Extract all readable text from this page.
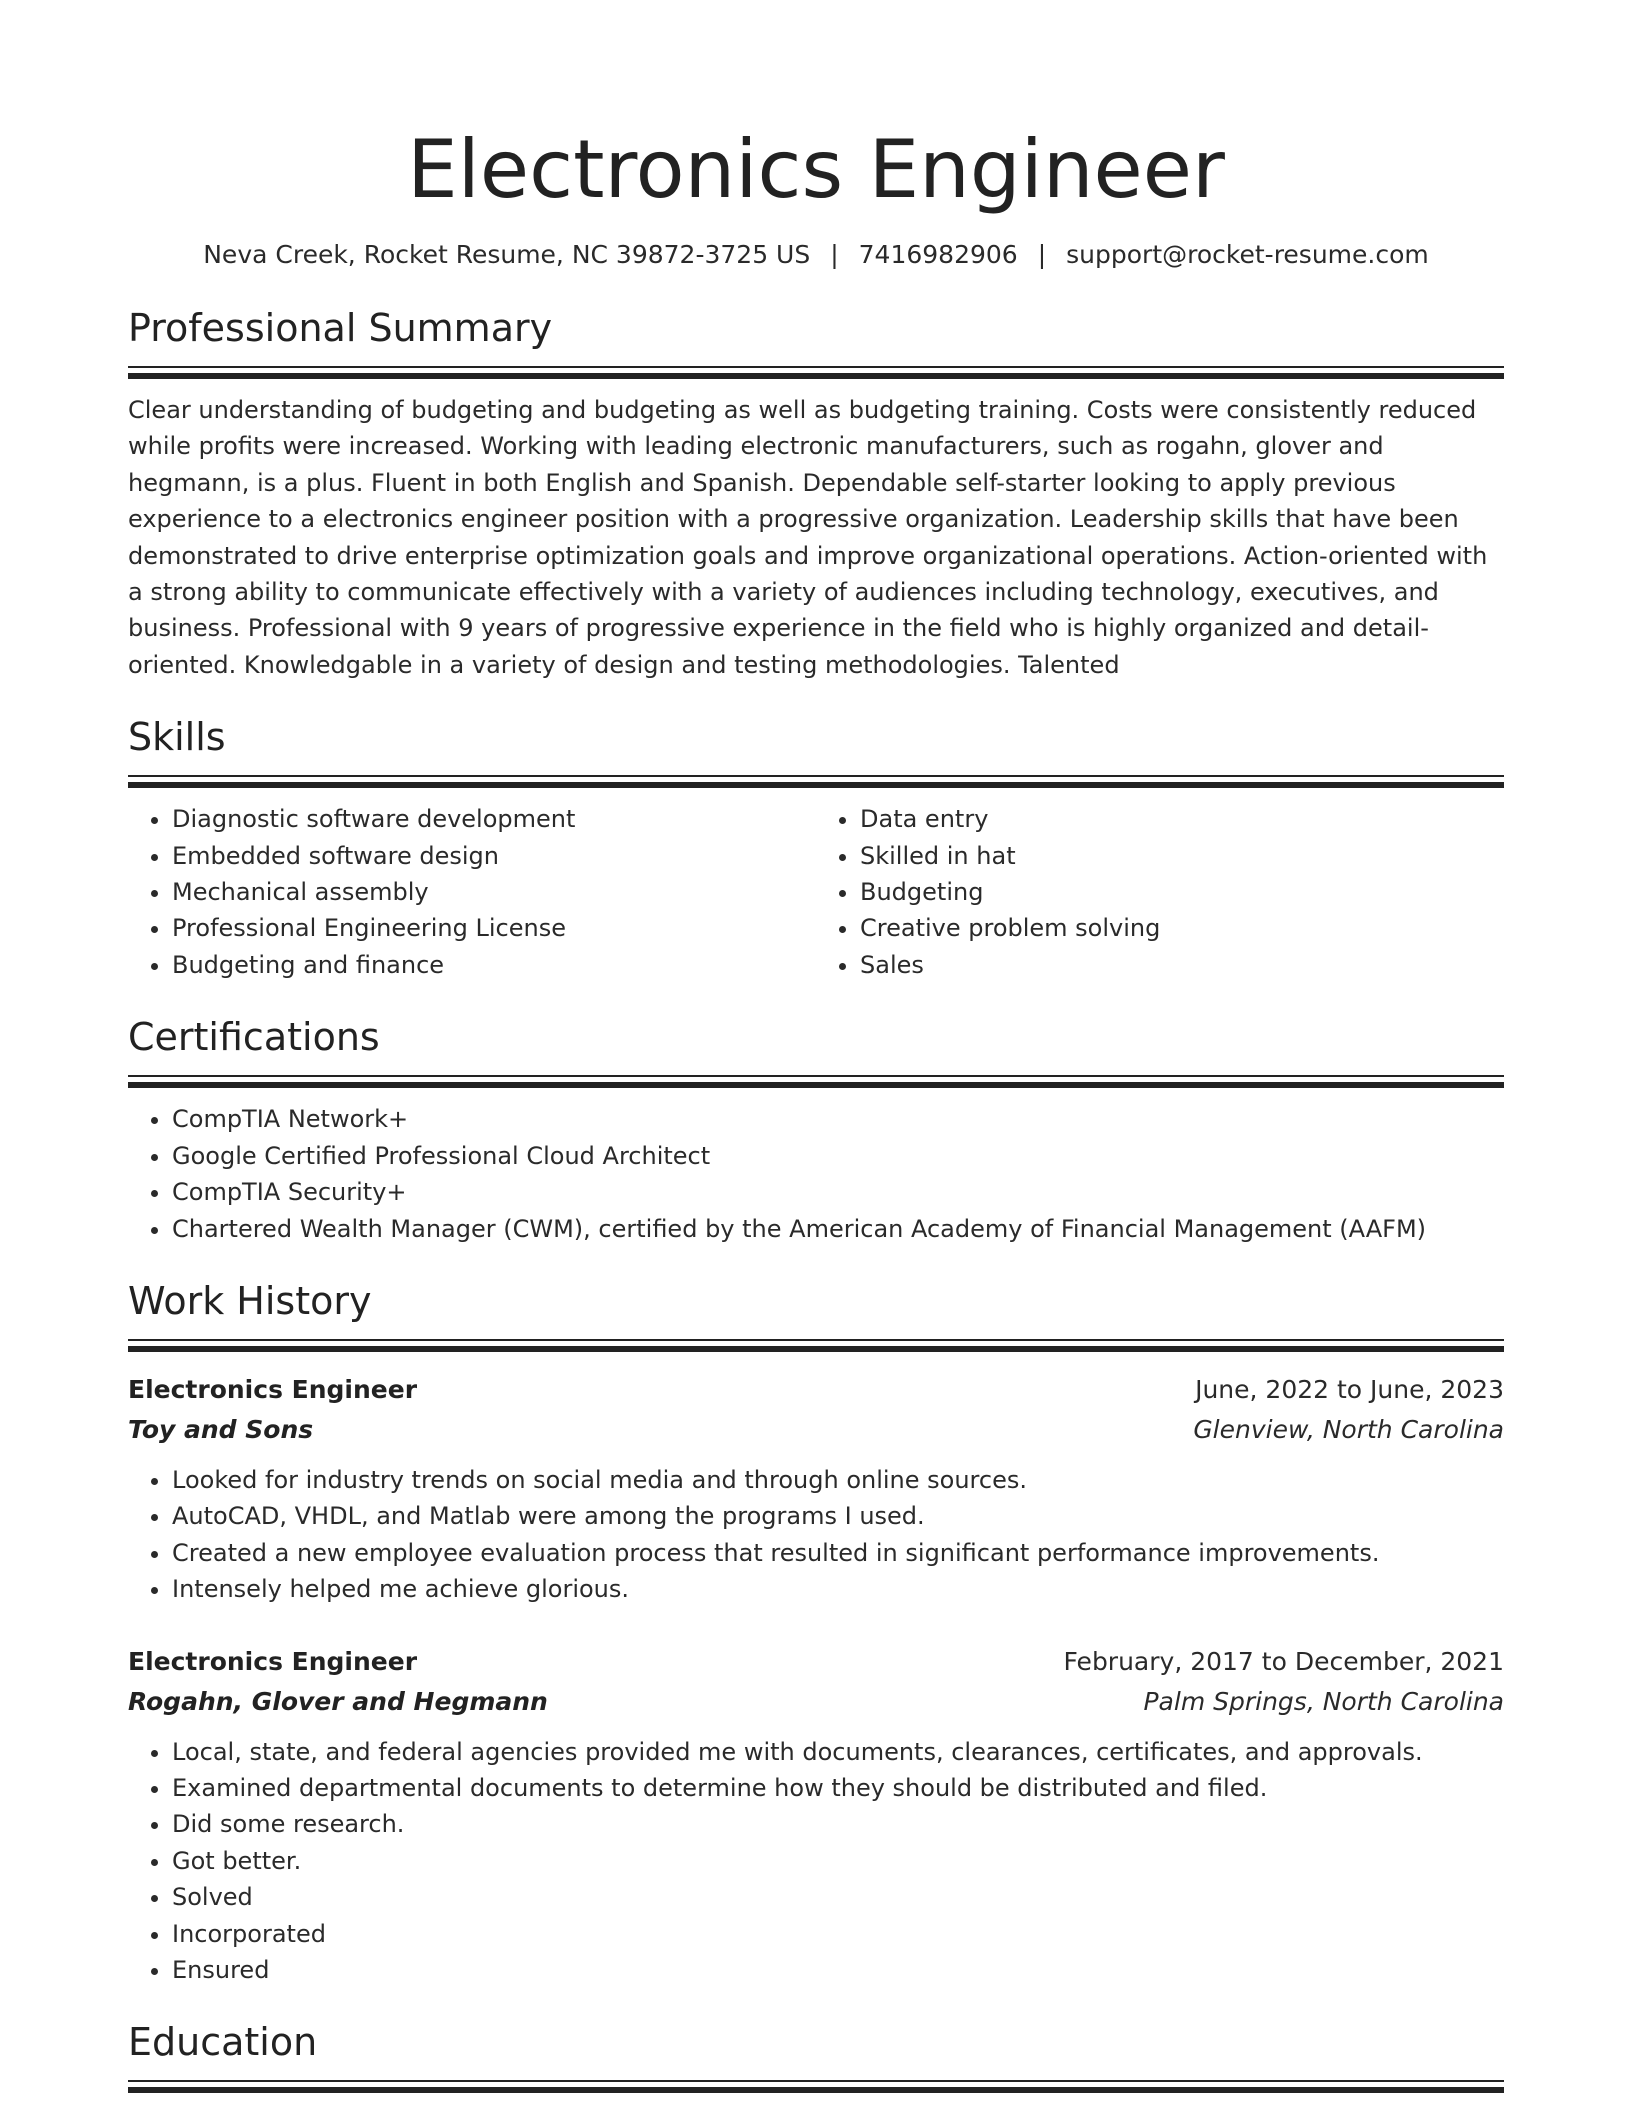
Electronics Engineer
Neva Creek, Rocket Resume, NC 39872-3725 US | 7416982906 | support@rocket-resume.com
Professional Summary
Clear understanding of budgeting and budgeting as well as budgeting training. Costs were consistently reduced while profits were increased. Working with leading electronic manufacturers, such as rogahn, glover and hegmann, is a plus. Fluent in both English and Spanish. Dependable self-starter looking to apply previous experience to a electronics engineer position with a progressive organization. Leadership skills that have been demonstrated to drive enterprise optimization goals and improve organizational operations. Action-oriented with a strong ability to communicate effectively with a variety of audiences including technology, executives, and business. Professional with 9 years of progressive experience in the field who is highly organized and detail-oriented. Knowledgable in a variety of design and testing methodologies. Talented
Skills
• Diagnostic software development
• Embedded software design
• Mechanical assembly
• Professional Engineering License
• Budgeting and finance
• Data entry
• Skilled in hat
• Budgeting
• Creative problem solving
• Sales
Certifications
• CompTIA Network+
• Google Certified Professional Cloud Architect
• CompTIA Security+
• Chartered Wealth Manager (CWM), certified by the American Academy of Financial Management (AAFM)
Work History
Electronics Engineer	June, 2022 to June, 2023
Toy and Sons	Glenview, North Carolina
• Looked for industry trends on social media and through online sources.
• AutoCAD, VHDL, and Matlab were among the programs I used.
• Created a new employee evaluation process that resulted in significant performance improvements.
• Intensely helped me achieve glorious.
Electronics Engineer	February, 2017 to December, 2021
Rogahn, Glover and Hegmann	Palm Springs, North Carolina
• Local, state, and federal agencies provided me with documents, clearances, certificates, and approvals.
• Examined departmental documents to determine how they should be distributed and filed.
• Did some research.
• Got better.
• Solved
• Incorporated
• Ensured
Education
